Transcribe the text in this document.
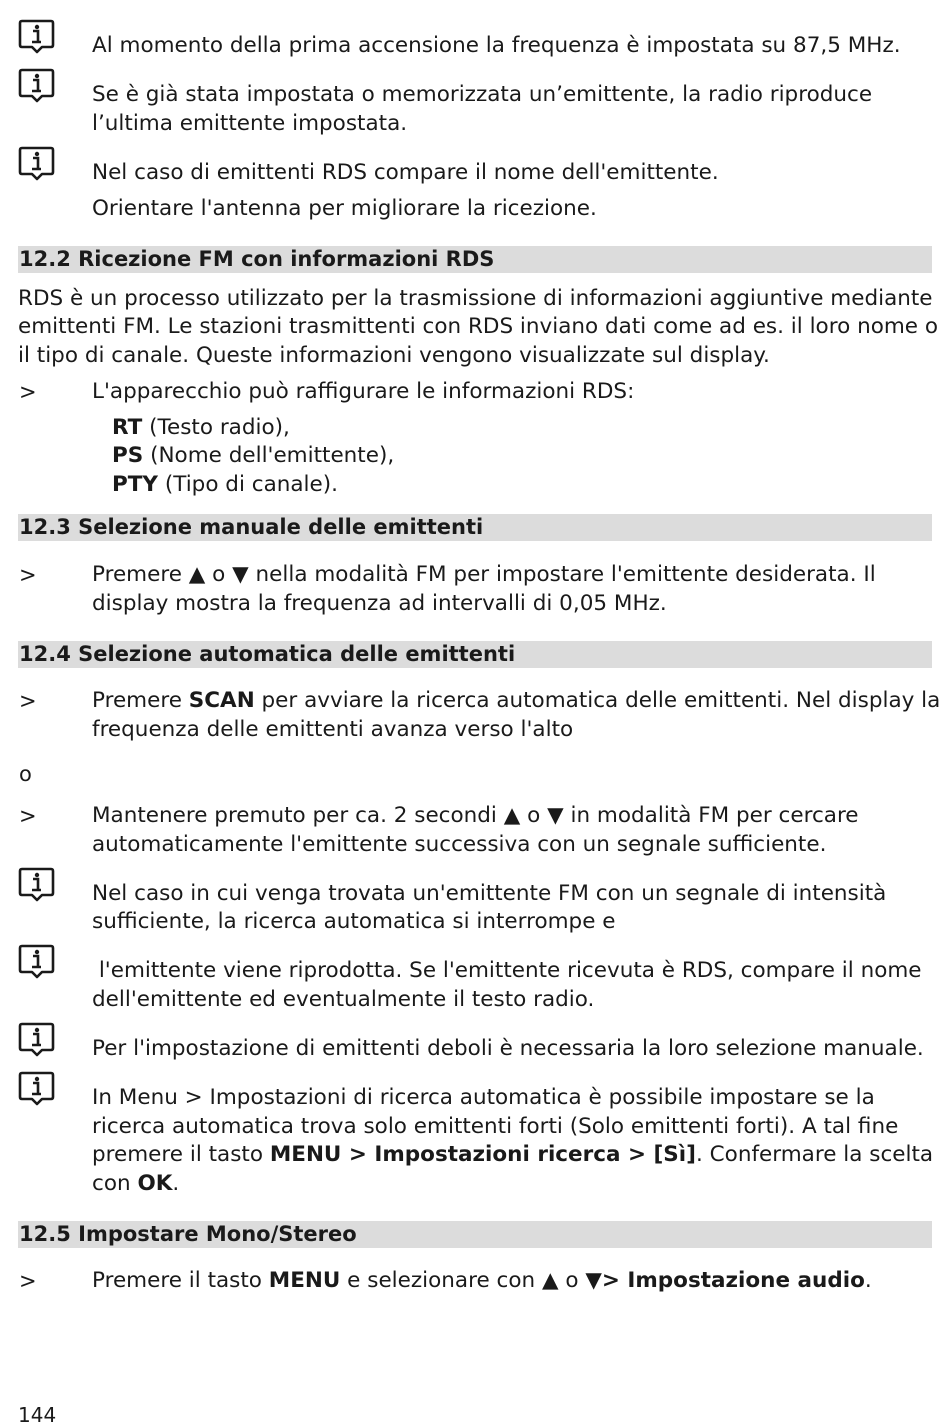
Al momento della prima accensione la frequenza è impostata su 87,5 MHz.
Se è già stata impostata o memorizzata un’emittente, la radio riproduce
l’ultima emittente impostata.
Nel caso di emittenti RDS compare il nome dell'emittente.
Orientare l'antenna per migliorare la ricezione.
12.2 Ricezione FM con informazioni RDS
RDS è un processo utilizzato per la trasmissione di informazioni aggiuntive mediante
emittenti FM. Le stazioni trasmittenti con RDS inviano dati come ad es. il loro nome o
il tipo di canale. Queste informazioni vengono visualizzate sul display.
>	L'apparecchio può raffigurare le informazioni RDS:
RT (Testo radio),
PS (Nome dell'emittente),
PTY (Tipo di canale).
12.3 Selezione manuale delle emittenti
>	Premere ▲ o ▼ nella modalità FM per impostare l'emittente desiderata. Il
display mostra la frequenza ad intervalli di 0,05 MHz.
12.4 Selezione automatica delle emittenti
>	Premere SCAN per avviare la ricerca automatica delle emittenti. Nel display la
frequenza delle emittenti avanza verso l'alto
o
>	Mantenere premuto per ca. 2 secondi ▲ o ▼ in modalità FM per cercare
automaticamente l'emittente successiva con un segnale sufficiente.
Nel caso in cui venga trovata un'emittente FM con un segnale di intensità
sufficiente, la ricerca automatica si interrompe e
l'emittente viene riprodotta. Se l'emittente ricevuta è RDS, compare il nome
dell'emittente ed eventualmente il testo radio.
Per l'impostazione di emittenti deboli è necessaria la loro selezione manuale.
In Menu > Impostazioni di ricerca automatica è possibile impostare se la
ricerca automatica trova solo emittenti forti (Solo emittenti forti). A tal fine
premere il tasto MENU > Impostazioni ricerca > [Sì]. Confermare la scelta
con OK.
12.5 Impostare Mono/Stereo
>	Premere il tasto MENU e selezionare con ▲ o ▼> Impostazione audio.
144
